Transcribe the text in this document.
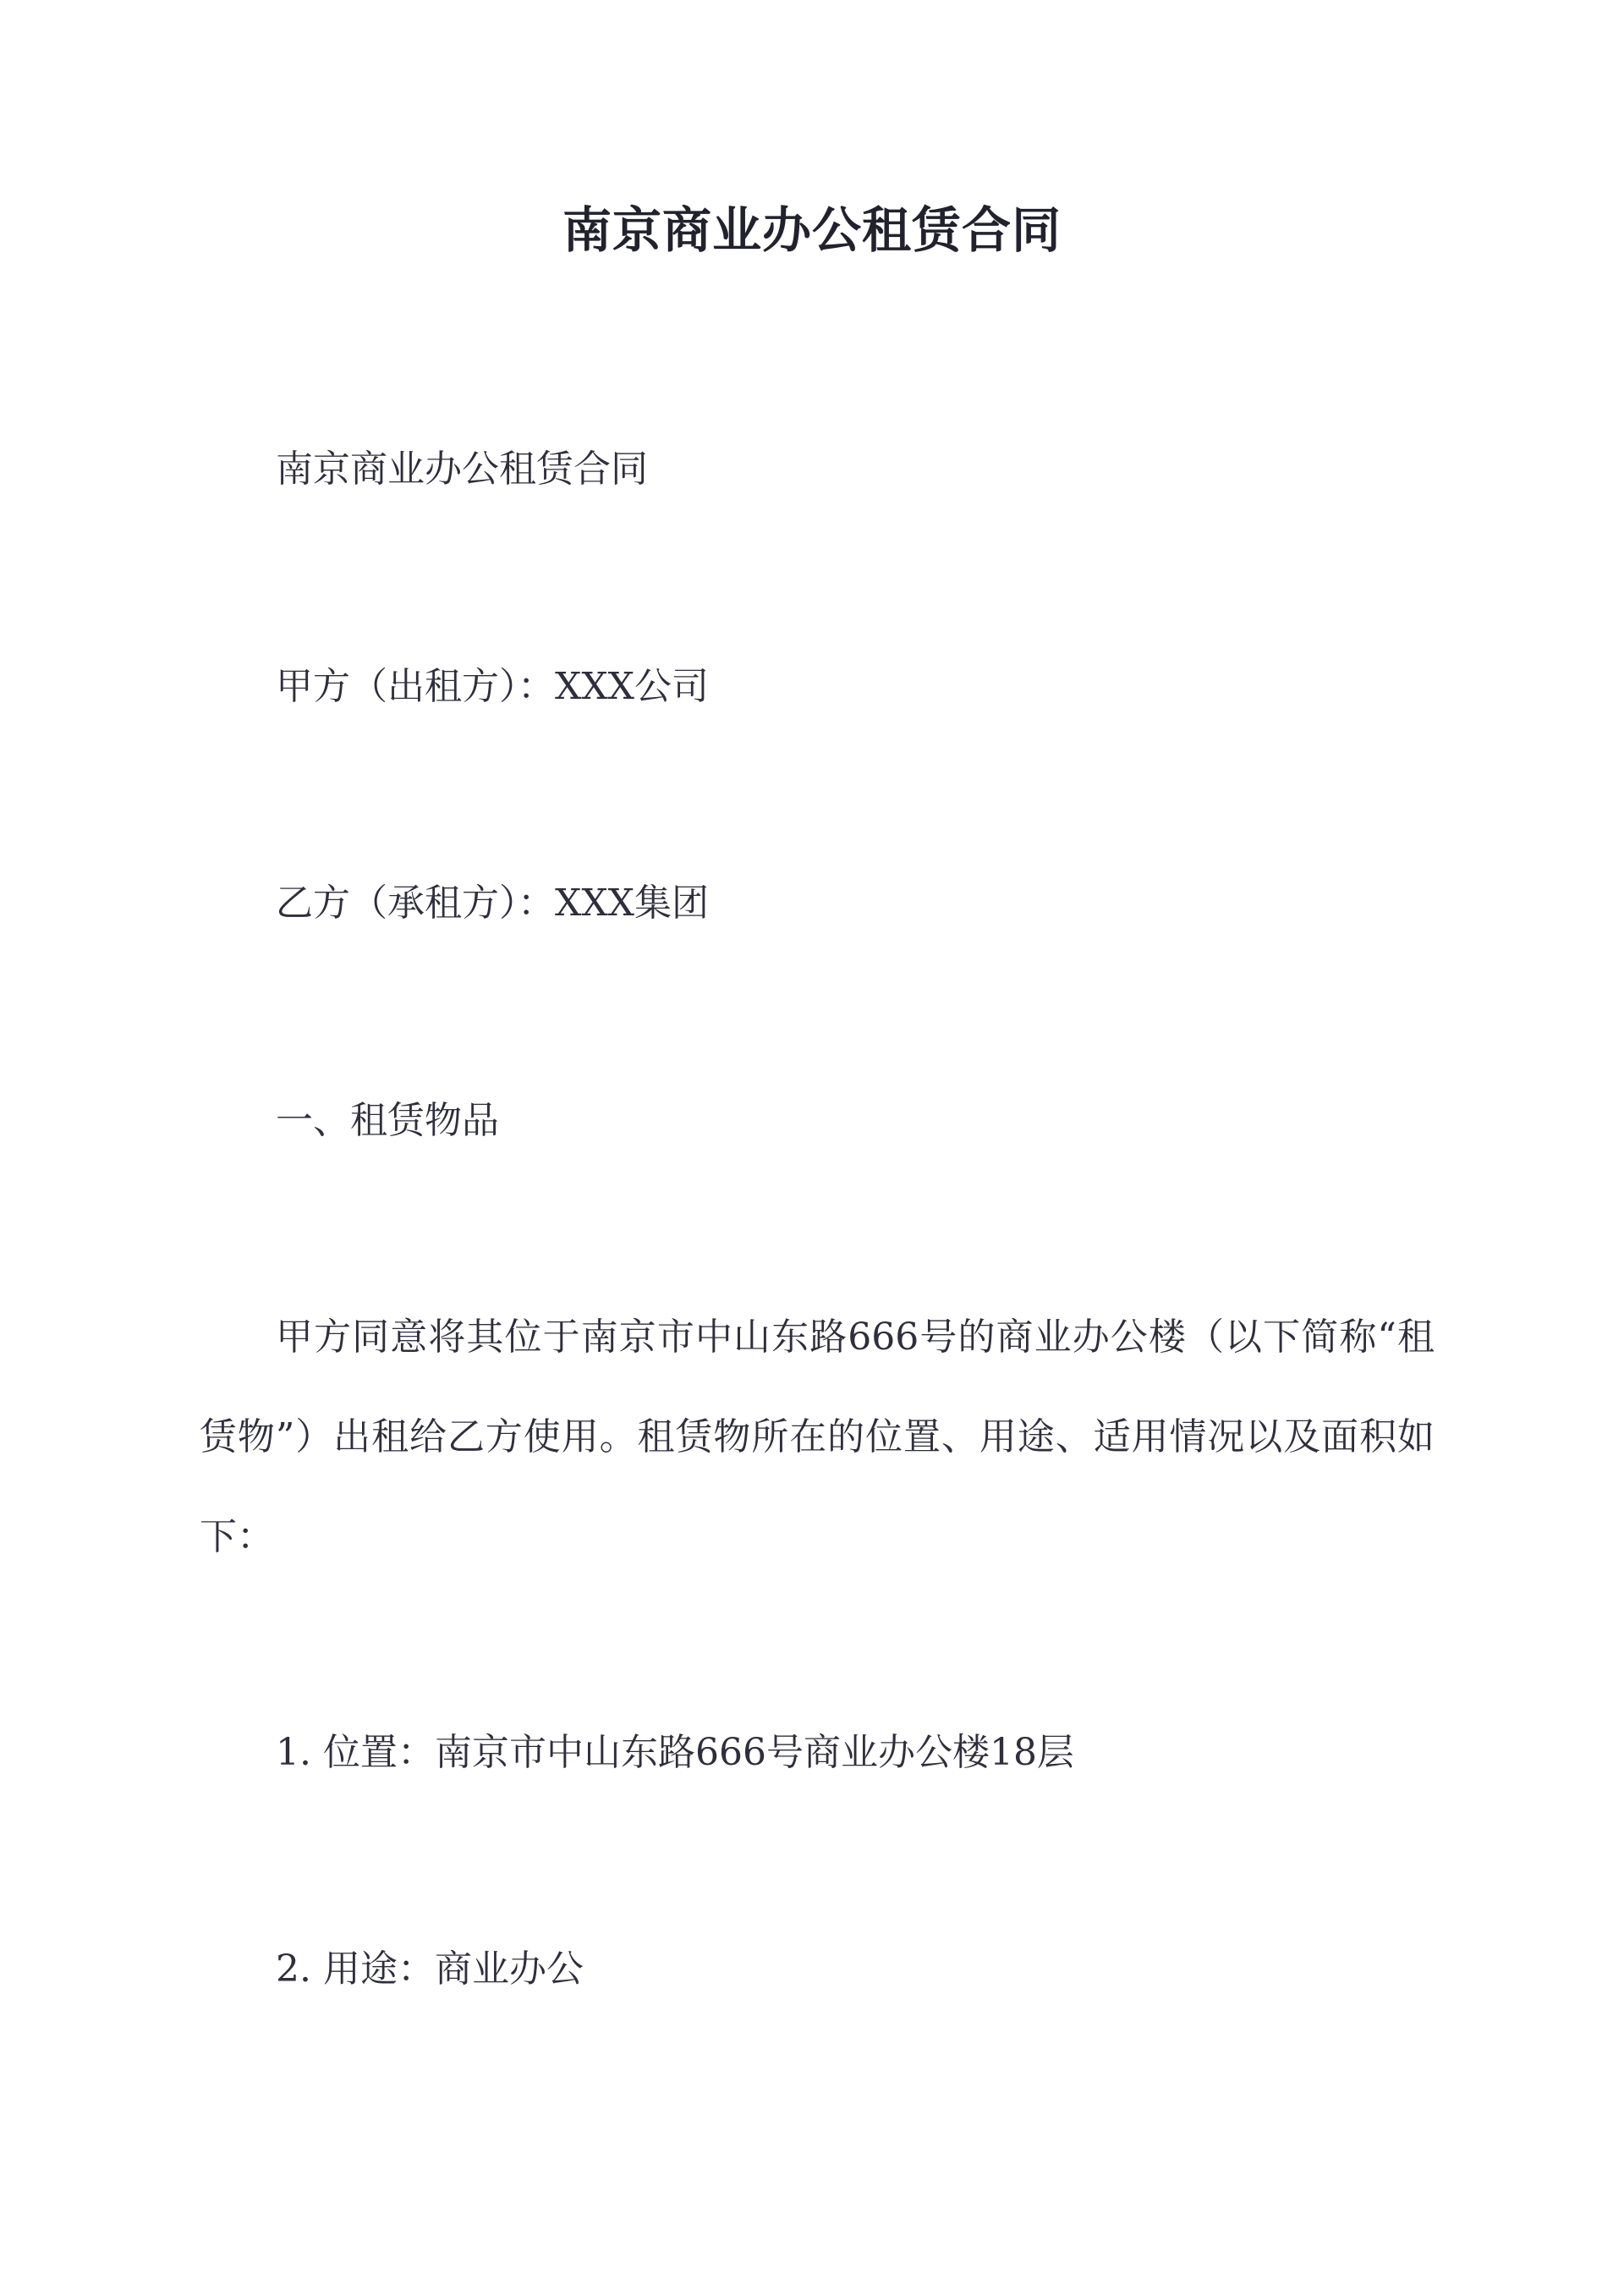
南京商业办公租赁合同
南京商业办公租赁合同
甲方（出租方）：XXX公司
乙方（承租方）：XXX集团
一、租赁物品
甲方同意将其位于南京市中山东路666号的商业办公楼（以下简称“租赁物”）出租给乙方使用。租赁物所在的位置、用途、适用情况以及面积如下：
1. 位置：南京市中山东路666号商业办公楼18层
2. 用途：商业办公
